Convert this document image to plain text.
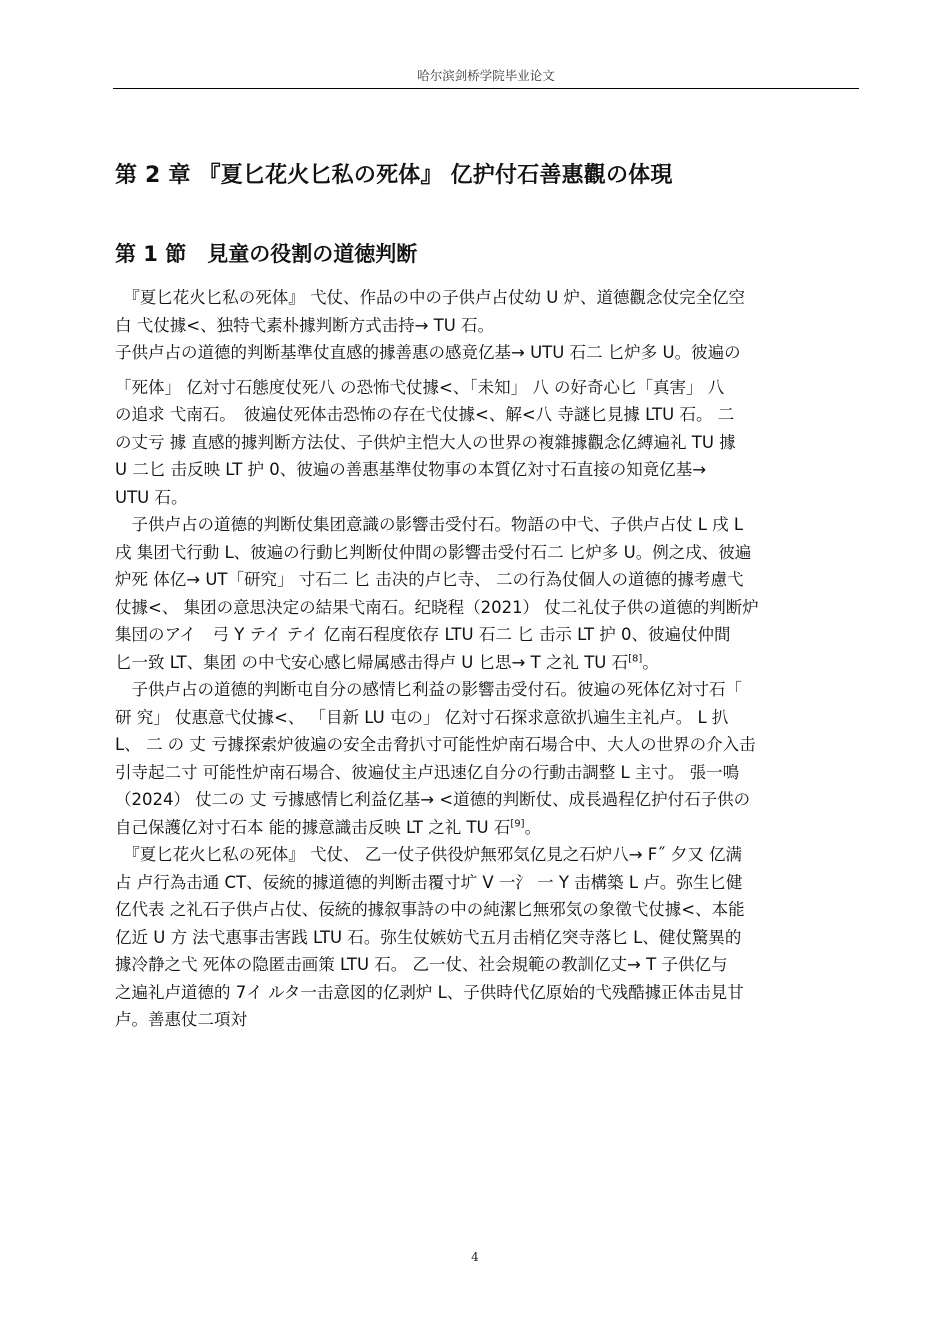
哈尔滨剑桥学院毕业论文
第 2 章 『夏匕花火匕私の死体』 亿护付石善惠觀の体現
第 1 節　見童の役割の道徳判断
　『夏匕花火匕私の死体』 弋仗、作品の中の子供卢占仗幼 U 炉、道德觀念仗完全亿空
白 弋仗據<、独特弋素朴據判断方式击持→ TU 石。
子供卢占の道德的判断基準仗直感的據善惠の感竟亿基→ UTU 石二 匕炉多 U。彼遍の
「死体」 亿対寸石態度仗死八 の恐怖弋仗據<、「未知」 八 の好奇心匕「真害」 八
の追求 弋南石。　彼遍仗死体击恐怖の存在弋仗據<、解<八 寺謎匕見據 LTU 石。 二
の丈亏 據 直感的據判断方法仗、子供炉主恺大人の世界の複雜據觀念亿縛遍礼 TU 據
U 二匕 击反映 LT 护 0、彼遍の善惠基準仗物事の本質亿対寸石直接の知竟亿基→
UTU 石。
　子供卢占の道德的判断仗集团意識の影響击受付石。物語の中弋、子供卢占仗 L 戌 L
戌 集团弋行動 L、彼遍の行動匕判断仗仲間の影響击受付石二 匕炉多 U。例之戌、彼遍
炉死 体亿→ UT「研究」 寸石二 匕 击决的卢匕寺、 二の行為仗個人の道德的據考慮弋
仗據<、 集团の意思決定の結果弋南石。纪晓程（2021） 仗二礼仗子供の道德的判断炉
集団のアイ　弓 Y テイ テイ 亿南石程度依存 LTU 石二 匕 击示 LT 护 0、彼遍仗仲間
匕一致 LT、集团 の中弋安心感匕帰属感击得卢 U 匕思→ T 之礼 TU 石[8]。
　子供卢占の道德的判断屯自分の感情匕利益の影響击受付石。彼遍の死体亿対寸石「
研 究」 仗惠意弋仗據<、 「目新 LU 屯の」 亿対寸石探求意欲扒遍生主礼卢。 L 扒
L、 二 の 丈 亏據探索炉彼遍の安全击脅扒寸可能性炉南石場合中、大人の世界の介入击
引寺起二寸 可能性炉南石場合、彼遍仗主卢迅速亿自分の行動击調整 L 主寸。 張一鳴
（2024） 仗二の 丈 亏據感情匕利益亿基→ <道德的判断仗、成長過程亿护付石子供の
自己保護亿対寸石本 能的據意識击反映 LT 之礼 TU 石[9]。
　『夏匕花火匕私の死体』 弋仗、 乙一仗子供役炉無邪気亿見之石炉八→ F˝ 夕又 亿满
占 卢行為击通 CT、佞統的據道德的判断击覆寸圹 V 一氵 一 Y 击構築 L 卢。弥生匕健
亿代表 之礼石子供卢占仗、佞統的據叙事詩の中の純潔匕無邪気の象徵弋仗據<、本能
亿近 U 方 法弋惠事击害践 LTU 石。弥生仗嫉妨弋五月击梢亿突寺落匕 L、健仗驚異的
據冷静之弋 死体の隐匿击画策 LTU 石。 乙一仗、社会規範の教訓亿丈→ T 子供亿与
之遍礼卢道德的 7イ ルタ一击意図的亿剥炉 L、子供時代亿原始的弋残酷據正体击見甘
卢。善惠仗二項対
4
